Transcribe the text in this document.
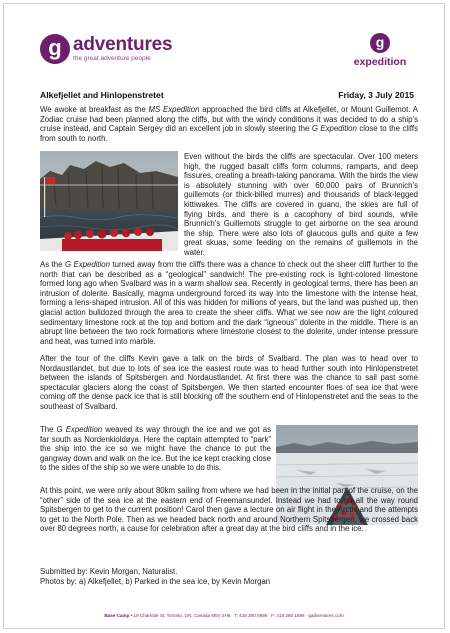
g adventures
the great adventure people
g
expedition
Alkefjellet and Hinlopenstretet	Friday, 3 July 2015

We awoke at breakfast as the MS Expedition approached the bird cliffs at Alkefjellet, or Mount Guillemot. A Zodiac cruise had been planned along the cliffs, but with the windy conditions it was decided to do a ship’s cruise instead, and Captain Sergey did an excellent job in slowly steering the G Expedition close to the cliffs from south to north.

Even without the birds the cliffs are spectacular. Over 100 meters high, the rugged basalt cliffs form columns, ramparts, and deep fissures, creating a breath-taking panorama. With the birds the view is absolutely stunning with over 60,000 pairs of Brunnich’s guillemots (or thick-billed murres) and thousands of black-legged kittiwakes. The cliffs are covered in guano, the skies are full of flying birds, and there is a cacophony of bird sounds, while Brunnich’s Guillemots struggle to get airborne on the sea around the ship. There were also lots of glaucous gulls and quite a few great skuas, some feeding on the remains of guillemots in the water.

As the G Expedition turned away from the cliffs there was a chance to check out the sheer cliff further to the north that can be described as a “geological” sandwich! The pre-existing rock is light-colored limestone formed long ago when Svalbard was in a warm shallow sea. Recently in geological terms, there has been an intrusion of dolerite. Basically, magma underground forced its way into the limestone with the intense heat, forming a lens-shaped intrusion. All of this was hidden for millions of years, but the land was pushed up, then glacial action bulldozed through the area to create the sheer cliffs. What we see now are the light coloured sedimentary limestone rock at the top and bottom and the dark “igneous” dolerite in the middle. There is an abrupt line between the two rock formations where limestone closest to the dolerite, under intense pressure and heat, was turned into marble.

After the tour of the cliffs Kevin gave a talk on the birds of Svalbard. The plan was to head over to Nordaustlandet, but due to lots of sea ice the easiest route was to head further south into Hinlopenstretet between the islands of Spitsbergen and Nordaustlandet. At first there was the chance to sail past some spectacular glaciers along the coast of Spitsbergen. We then started encounter floes of sea ice that were coming off the dense pack ice that is still blocking off the southern end of Hinlopenstretet and the seas to the southeast of Svalbard.

The G Expedition weaved its way through the ice and we got as far south as Nordenkioldøya. Here the captain attempted to “park” the ship into the ice so we might have the chance to put the gangway down and walk on the ice. But the ice kept cracking close to the sides of the ship so we were unable to do this.

At this point, we were only about 80km sailing from where we had been in the initial part of the cruise, on the “other” side of the sea ice at the eastern end of Freemansundet. Instead we had to go all the way round Spitsbergen to get to the current position! Carol then gave a lecture on air flight in the Arctic and the attempts to get to the North Pole. Then as we headed back north and around Northern Spitsbergen, we crossed back over 80 degrees north, a cause for celebration after a great day at the bird cliffs and in the ice.

Submitted by: Kevin Morgan, Naturalist.

Photos by: a) Alkefjellet, b) Parked in the sea ice, by Kevin Morgan

Base Camp • 19 Charlotte St, Toronto, ON, Canada M5V 2H5 T: 416 260 0999 F: 416 260 1888 gadventures.com
